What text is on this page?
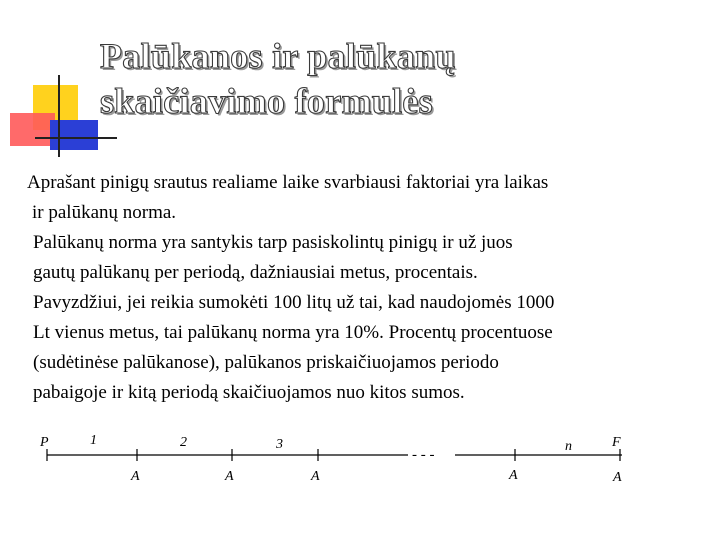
Palūkanos ir palūkanų
skaičiavimo formulės

Aprašant pinigų srautus realiame laike svarbiausi faktoriai yra laikas
ir palūkanų norma.

Palūkanų norma yra santykis tarp pasiskolintų pinigų ir už juos
gautų palūkanų per periodą, dažniausiai metus, procentais.
Pavyzdžiui, jei reikia sumokėti 100 litų už tai, kad naudojomės 1000
Lt vienus metus, tai palūkanų norma yra 10%. Procentų procentuose
(sudėtinėse palūkanose), palūkanos priskaičiuojamos periodo
pabaigoje ir kitą periodą skaičiuojamos nuo kitos sumos.

P	1	2	3	n	F
- - -
A	A	A	A	A
